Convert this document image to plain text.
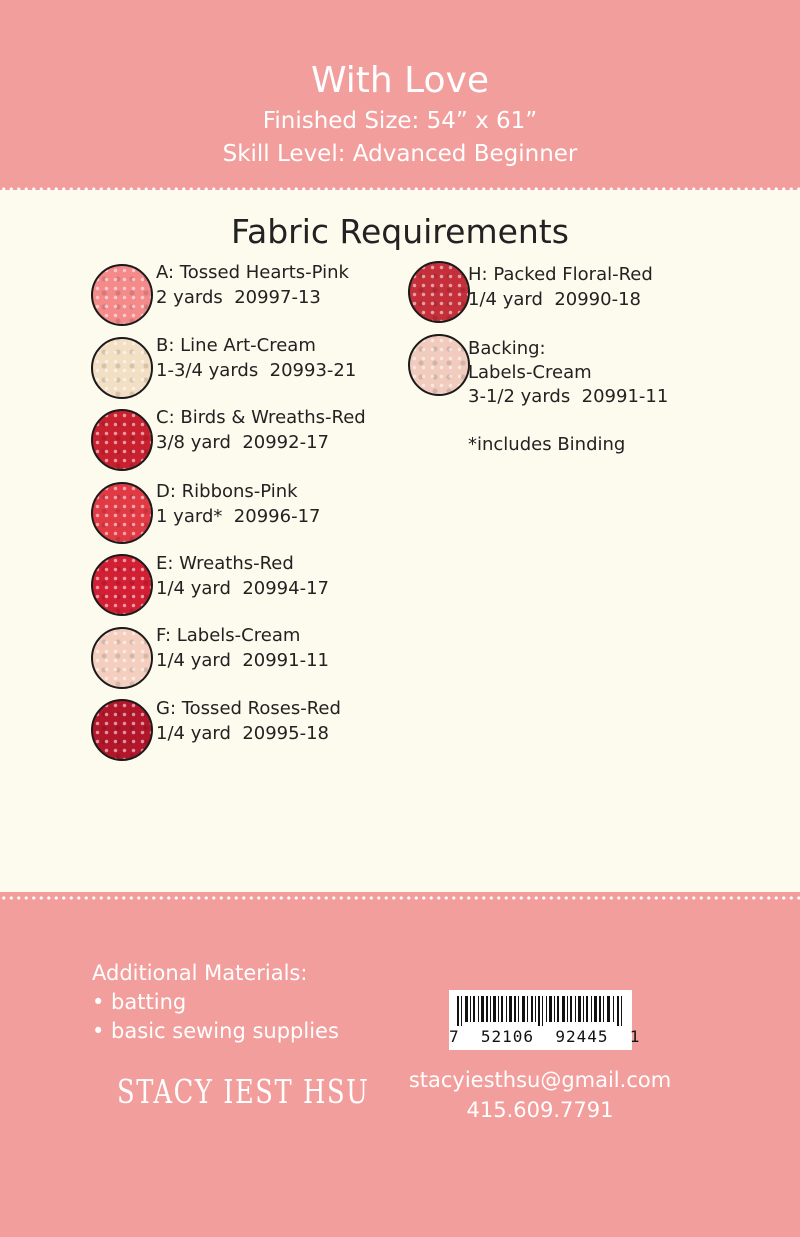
With Love
Finished Size: 54” x 61”
Skill Level: Advanced Beginner
Fabric Requirements
A: Tossed Hearts-Pink
2 yards  20997-13
B: Line Art-Cream
1-3/4 yards  20993-21
C: Birds & Wreaths-Red
3/8 yard  20992-17
D: Ribbons-Pink
1 yard*  20996-17
E: Wreaths-Red
1/4 yard  20994-17
F: Labels-Cream
1/4 yard  20991-11
G: Tossed Roses-Red
1/4 yard  20995-18
H: Packed Floral-Red
1/4 yard  20990-18
Backing:
Labels-Cream
3-1/2 yards  20991-11
*includes Binding
Additional Materials:
• batting
• basic sewing supplies
STACY IEST HSU
7  52106  92445  1
stacyiesthsu@gmail.com
415.609.7791
